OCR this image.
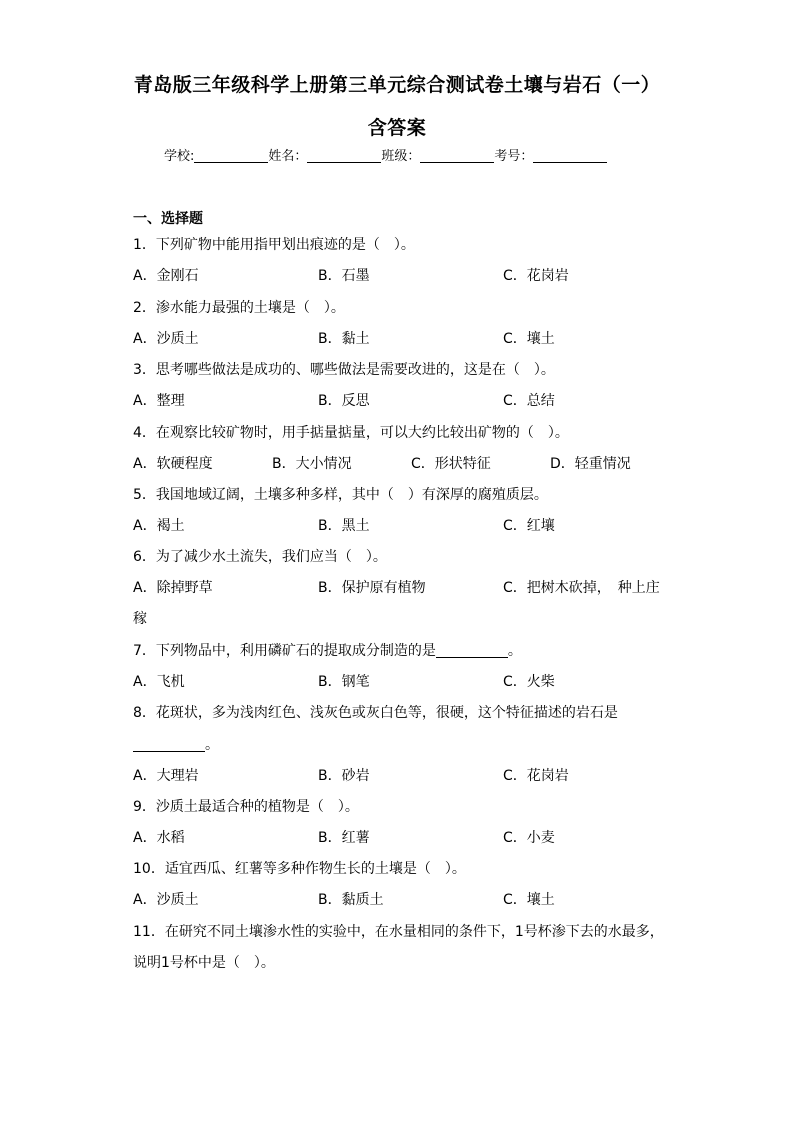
青岛版三年级科学上册第三单元综合测试卷土壤与岩石（一）
含答案
学校:	姓名：	班级：	考号：
一、选择题
1．下列矿物中能用指甲划出痕迹的是（　）。
A．金刚石	B．石墨	C．花岗岩
2．渗水能力最强的土壤是（　）。
A．沙质土	B．黏土	C．壤土
3．思考哪些做法是成功的、哪些做法是需要改进的，这是在（　）。
A．整理	B．反思	C．总结
4．在观察比较矿物时，用手掂量掂量，可以大约比较出矿物的（　）。
A．软硬程度	B．大小情况	C．形状特征	D．轻重情况
5．我国地域辽阔，土壤多种多样，其中（　）有深厚的腐殖质层。
A．褐土	B．黑土	C．红壤
6．为了减少水土流失，我们应当（　）。
A．除掉野草	B．保护原有植物	C．把树木砍掉，　种上庄
稼
7．下列物品中，利用磷矿石的提取成分制造的是	。
A．飞机	B．钢笔	C．火柴
8．花斑状，多为浅肉红色、浅灰色或灰白色等，很硬，这个特征描述的岩石是
。
A．大理岩	B．砂岩	C．花岗岩
9．沙质土最适合种的植物是（　）。
A．水稻	B．红薯	C．小麦
10．适宜西瓜、红薯等多种作物生长的土壤是（　）。
A．沙质土	B．黏质土	C．壤土
11．在研究不同土壤渗水性的实验中，在水量相同的条件下，1号杯渗下去的水最多，
说明1号杯中是（　）。
